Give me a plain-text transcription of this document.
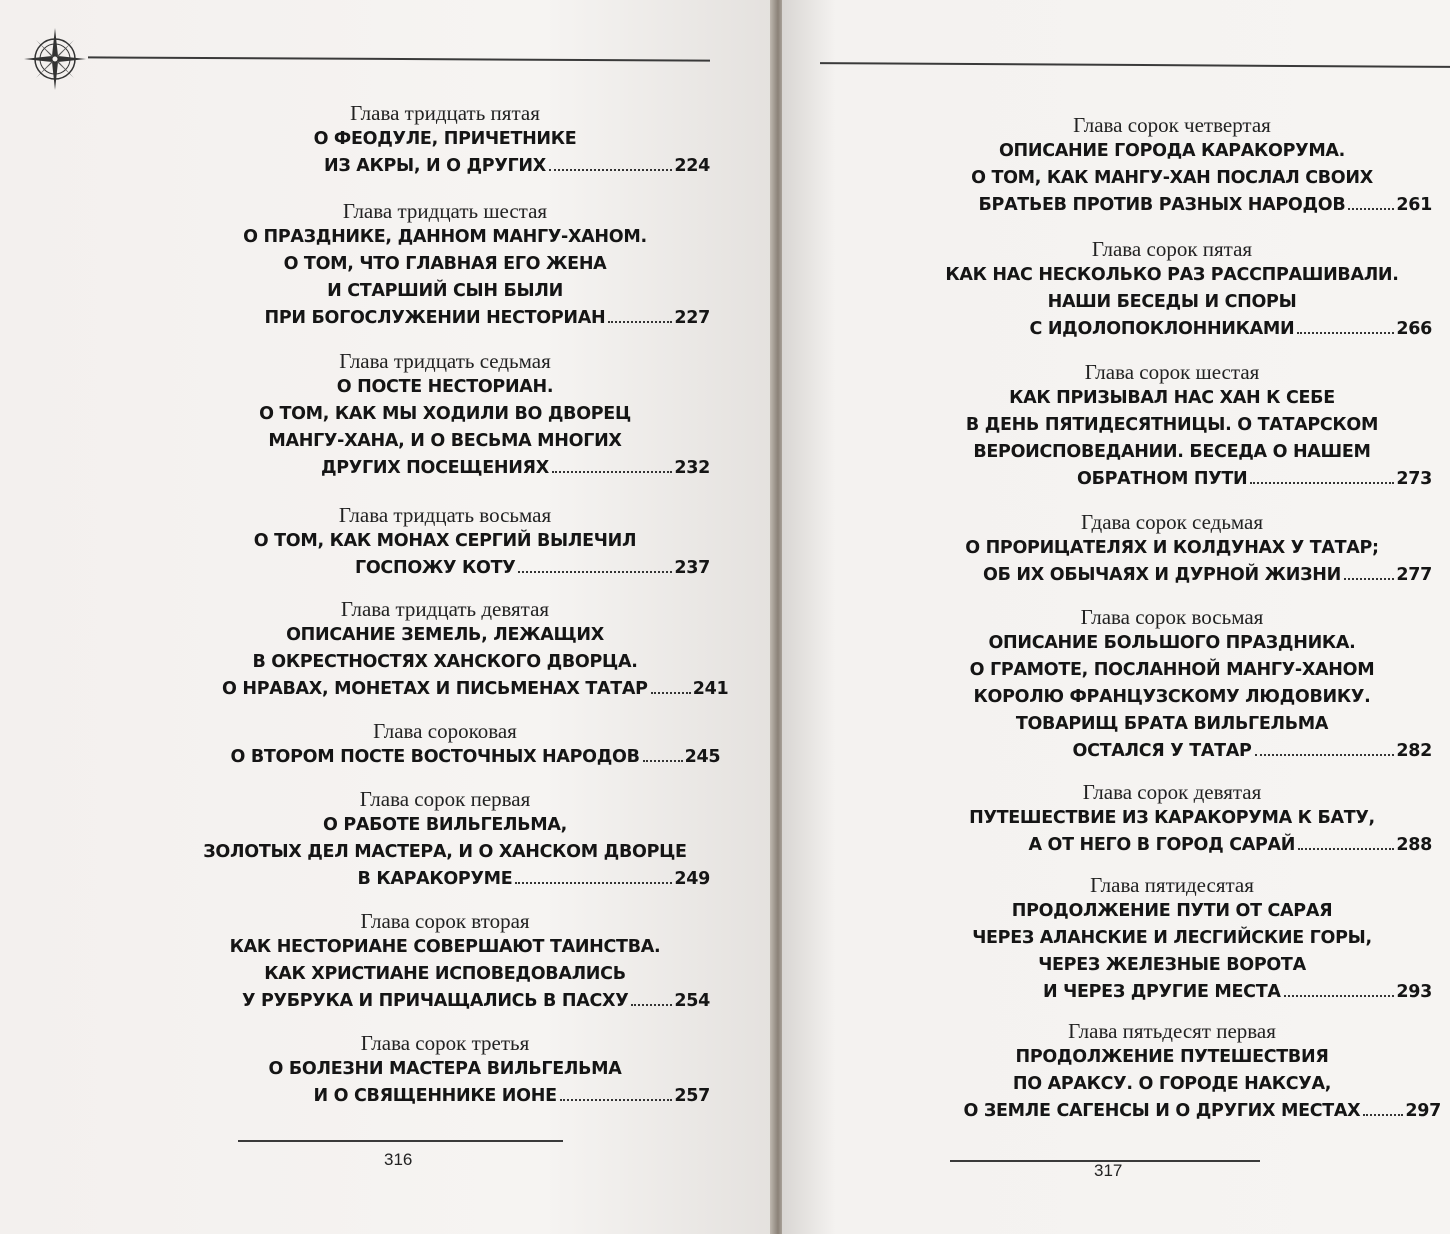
Глава тридцать пятая
О ФЕОДУЛЕ, ПРИЧЕТНИКЕ
ИЗ АКРЫ, И О ДРУГИХ	224
Глава тридцать шестая
О ПРАЗДНИКЕ, ДАННОМ МАНГУ-ХАНОМ.
О ТОМ, ЧТО ГЛАВНАЯ ЕГО ЖЕНА
И СТАРШИЙ СЫН БЫЛИ
ПРИ БОГОСЛУЖЕНИИ НЕСТОРИАН	227
Глава тридцать седьмая
О ПОСТЕ НЕСТОРИАН.
О ТОМ, КАК МЫ ХОДИЛИ ВО ДВОРЕЦ
МАНГУ-ХАНА, И О ВЕСЬМА МНОГИХ
ДРУГИХ ПОСЕЩЕНИЯХ	232
Глава тридцать восьмая
О ТОМ, КАК МОНАХ СЕРГИЙ ВЫЛЕЧИЛ
ГОСПОЖУ КОТУ	237
Глава тридцать девятая
ОПИСАНИЕ ЗЕМЕЛЬ, ЛЕЖАЩИХ
В ОКРЕСТНОСТЯХ ХАНСКОГО ДВОРЦА.
О НРАВАХ, МОНЕТАХ И ПИСЬМЕНАХ ТАТАР	241
Глава сороковая
О ВТОРОМ ПОСТЕ ВОСТОЧНЫХ НАРОДОВ	245
Глава сорок первая
О РАБОТЕ ВИЛЬГЕЛЬМА,
ЗОЛОТЫХ ДЕЛ МАСТЕРА, И О ХАНСКОМ ДВОРЦЕ
В КАРАКОРУМЕ	249
Глава сорок вторая
КАК НЕСТОРИАНЕ СОВЕРШАЮТ ТАИНСТВА.
КАК ХРИСТИАНЕ ИСПОВЕДОВАЛИСЬ
У РУБРУКА И ПРИЧАЩАЛИСЬ В ПАСХУ	254
Глава сорок третья
О БОЛЕЗНИ МАСТЕРА ВИЛЬГЕЛЬМА
И О СВЯЩЕННИКЕ ИОНЕ	257
316
Глава сорок четвертая
ОПИСАНИЕ ГОРОДА КАРАКОРУМА.
О ТОМ, КАК МАНГУ-ХАН ПОСЛАЛ СВОИХ
БРАТЬЕВ ПРОТИВ РАЗНЫХ НАРОДОВ	261
Глава сорок пятая
КАК НАС НЕСКОЛЬКО РАЗ РАССПРАШИВАЛИ.
НАШИ БЕСЕДЫ И СПОРЫ
С ИДОЛОПОКЛОННИКАМИ	266
Глава сорок шестая
КАК ПРИЗЫВАЛ НАС ХАН К СЕБЕ
В ДЕНЬ ПЯТИДЕСЯТНИЦЫ. О ТАТАРСКОМ
ВЕРОИСПОВЕДАНИИ. БЕСЕДА О НАШЕМ
ОБРАТНОМ ПУТИ	273
Гдава сорок седьмая
О ПРОРИЦАТЕЛЯХ И КОЛДУНАХ У ТАТАР;
ОБ ИХ ОБЫЧАЯХ И ДУРНОЙ ЖИЗНИ	277
Глава сорок восьмая
ОПИСАНИЕ БОЛЬШОГО ПРАЗДНИКА.
О ГРАМОТЕ, ПОСЛАННОЙ МАНГУ-ХАНОМ
КОРОЛЮ ФРАНЦУЗСКОМУ ЛЮДОВИКУ.
ТОВАРИЩ БРАТА ВИЛЬГЕЛЬМА
ОСТАЛСЯ У ТАТАР	282
Глава сорок девятая
ПУТЕШЕСТВИЕ ИЗ КАРАКОРУМА К БАТУ,
А ОТ НЕГО В ГОРОД САРАЙ	288
Глава пятидесятая
ПРОДОЛЖЕНИЕ ПУТИ ОТ САРАЯ
ЧЕРЕЗ АЛАНСКИЕ И ЛЕСГИЙСКИЕ ГОРЫ,
ЧЕРЕЗ ЖЕЛЕЗНЫЕ ВОРОТА
И ЧЕРЕЗ ДРУГИЕ МЕСТА	293
Глава пятьдесят первая
ПРОДОЛЖЕНИЕ ПУТЕШЕСТВИЯ
ПО АРАКСУ. О ГОРОДЕ НАКСУА,
О ЗЕМЛЕ САГЕНСЫ И О ДРУГИХ МЕСТАХ	297
317
